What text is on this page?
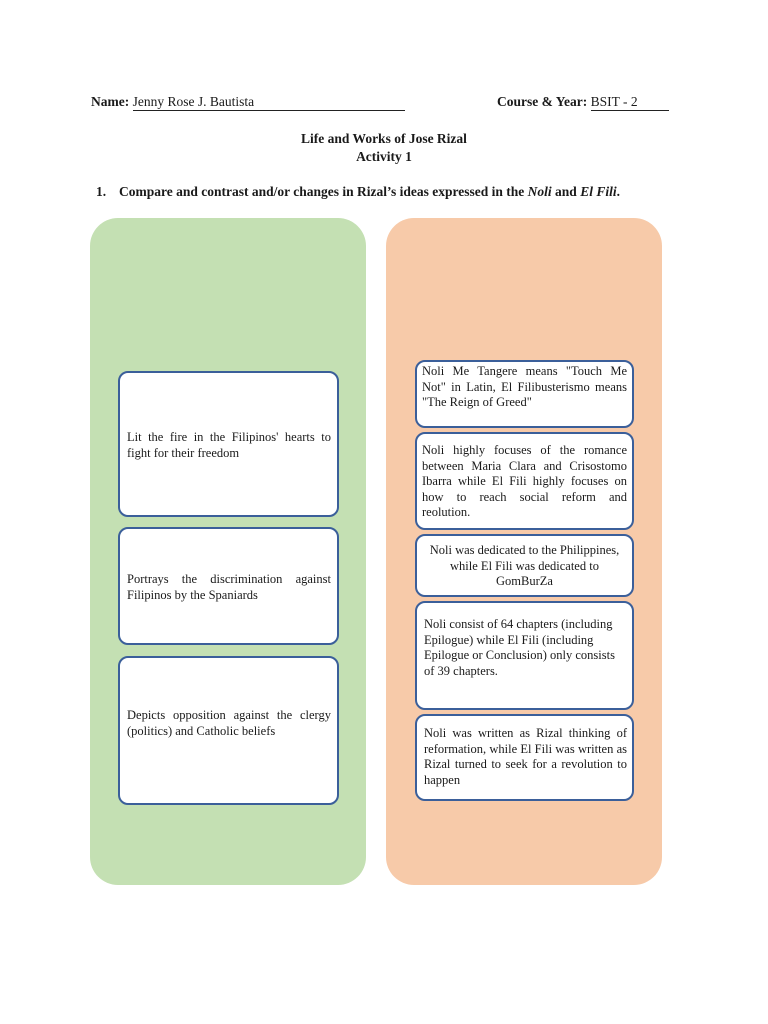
Name: Jenny Rose J. Bautista	Course & Year: BSIT - 2
Life and Works of Jose Rizal
Activity 1
1. Compare and contrast and/or changes in Rizal’s ideas expressed in the Noli and El Fili.
Lit the fire in the Filipinos' hearts to fight for their freedom
Portrays the discrimination against Filipinos by the Spaniards
Depicts opposition against the clergy (politics) and Catholic beliefs
Noli Me Tangere means "Touch Me Not" in Latin, El Filibusterismo means "The Reign of Greed"
Noli highly focuses of the romance between Maria Clara and Crisostomo Ibarra while El Fili highly focuses on how to reach social reform and reolution.
Noli was dedicated to the Philippines, while El Fili was dedicated to GomBurZa
Noli consist of 64 chapters (including Epilogue) while El Fili (including Epilogue or Conclusion) only consists of 39 chapters.
Noli was written as Rizal thinking of reformation, while El Fili was written as Rizal turned to seek for a revolution to happen
